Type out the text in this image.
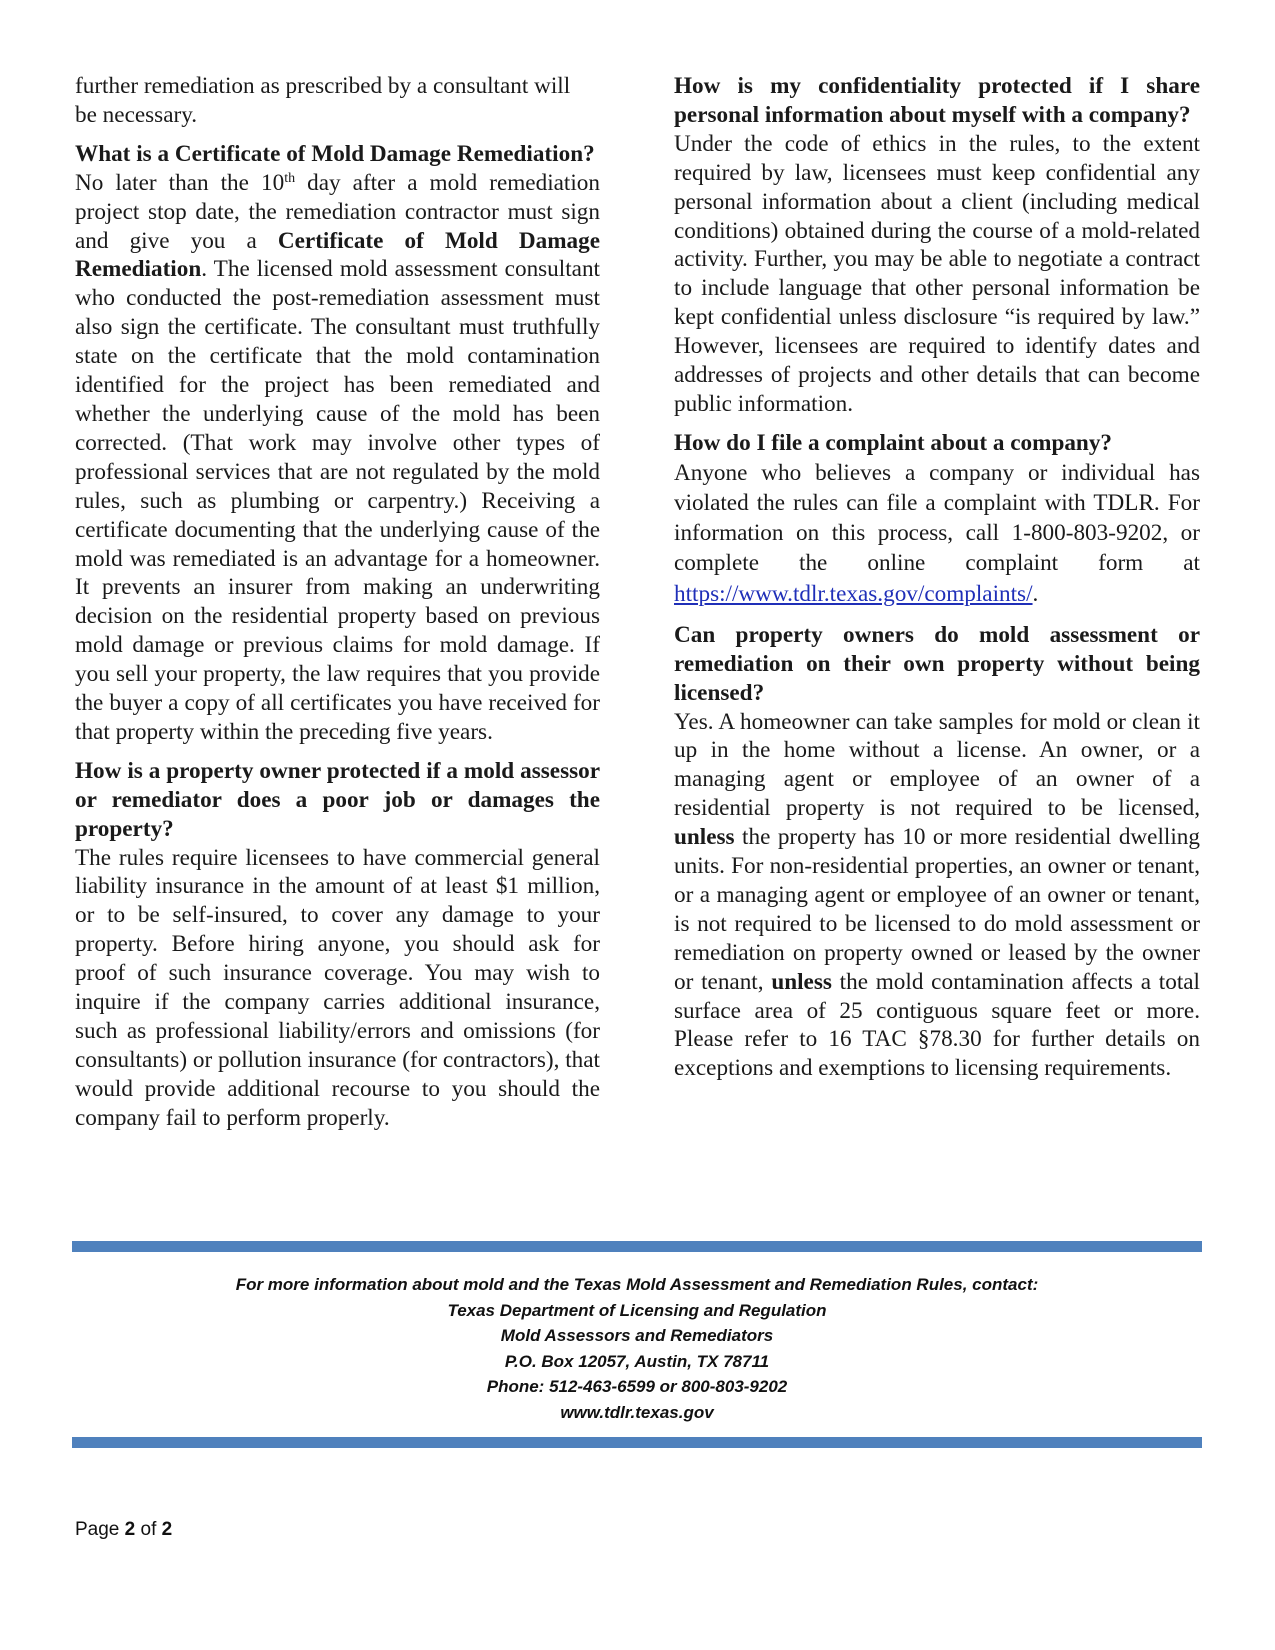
further remediation as prescribed by a consultant will
be necessary.

What is a Certificate of Mold Damage Remediation?

No later than the 10th day after a mold remediation project stop date, the remediation contractor must sign and give you a Certificate of Mold Damage Remediation. The licensed mold assessment consultant who conducted the post-remediation assessment must also sign the certificate. The consultant must truthfully state on the certificate that the mold contamination identified for the project has been remediated and whether the underlying cause of the mold has been corrected. (That work may involve other types of professional services that are not regulated by the mold rules, such as plumbing or carpentry.) Receiving a certificate documenting that the underlying cause of the mold was remediated is an advantage for a homeowner. It prevents an insurer from making an underwriting decision on the residential property based on previous mold damage or previous claims for mold damage. If you sell your property, the law requires that you provide the buyer a copy of all certificates you have received for that property within the preceding five years.

How is a property owner protected if a mold assessor or remediator does a poor job or damages the property?

The rules require licensees to have commercial general liability insurance in the amount of at least $1 million, or to be self-insured, to cover any damage to your property. Before hiring anyone, you should ask for proof of such insurance coverage. You may wish to inquire if the company carries additional insurance, such as professional liability/errors and omissions (for consultants) or pollution insurance (for contractors), that would provide additional recourse to you should the company fail to perform properly.

How is my confidentiality protected if I share personal information about myself with a company?

Under the code of ethics in the rules, to the extent required by law, licensees must keep confidential any personal information about a client (including medical conditions) obtained during the course of a mold-related activity. Further, you may be able to negotiate a contract to include language that other personal information be kept confidential unless disclosure “is required by law.” However, licensees are required to identify dates and addresses of projects and other details that can become public information.

How do I file a complaint about a company?

Anyone who believes a company or individual has violated the rules can file a complaint with TDLR. For information on this process, call 1-800-803-9202, or complete the online complaint form at https://www.tdlr.texas.gov/complaints/.

Can property owners do mold assessment or remediation on their own property without being licensed?

Yes. A homeowner can take samples for mold or clean it up in the home without a license. An owner, or a managing agent or employee of an owner of a residential property is not required to be licensed, unless the property has 10 or more residential dwelling units. For non-residential properties, an owner or tenant, or a managing agent or employee of an owner or tenant, is not required to be licensed to do mold assessment or remediation on property owned or leased by the owner or tenant, unless the mold contamination affects a total surface area of 25 contiguous square feet or more. Please refer to 16 TAC §78.30 for further details on exceptions and exemptions to licensing requirements.

For more information about mold and the Texas Mold Assessment and Remediation Rules, contact:
Texas Department of Licensing and Regulation
Mold Assessors and Remediators
P.O. Box 12057, Austin, TX 78711
Phone: 512-463-6599 or 800-803-9202
www.tdlr.texas.gov
Page 2 of 2
